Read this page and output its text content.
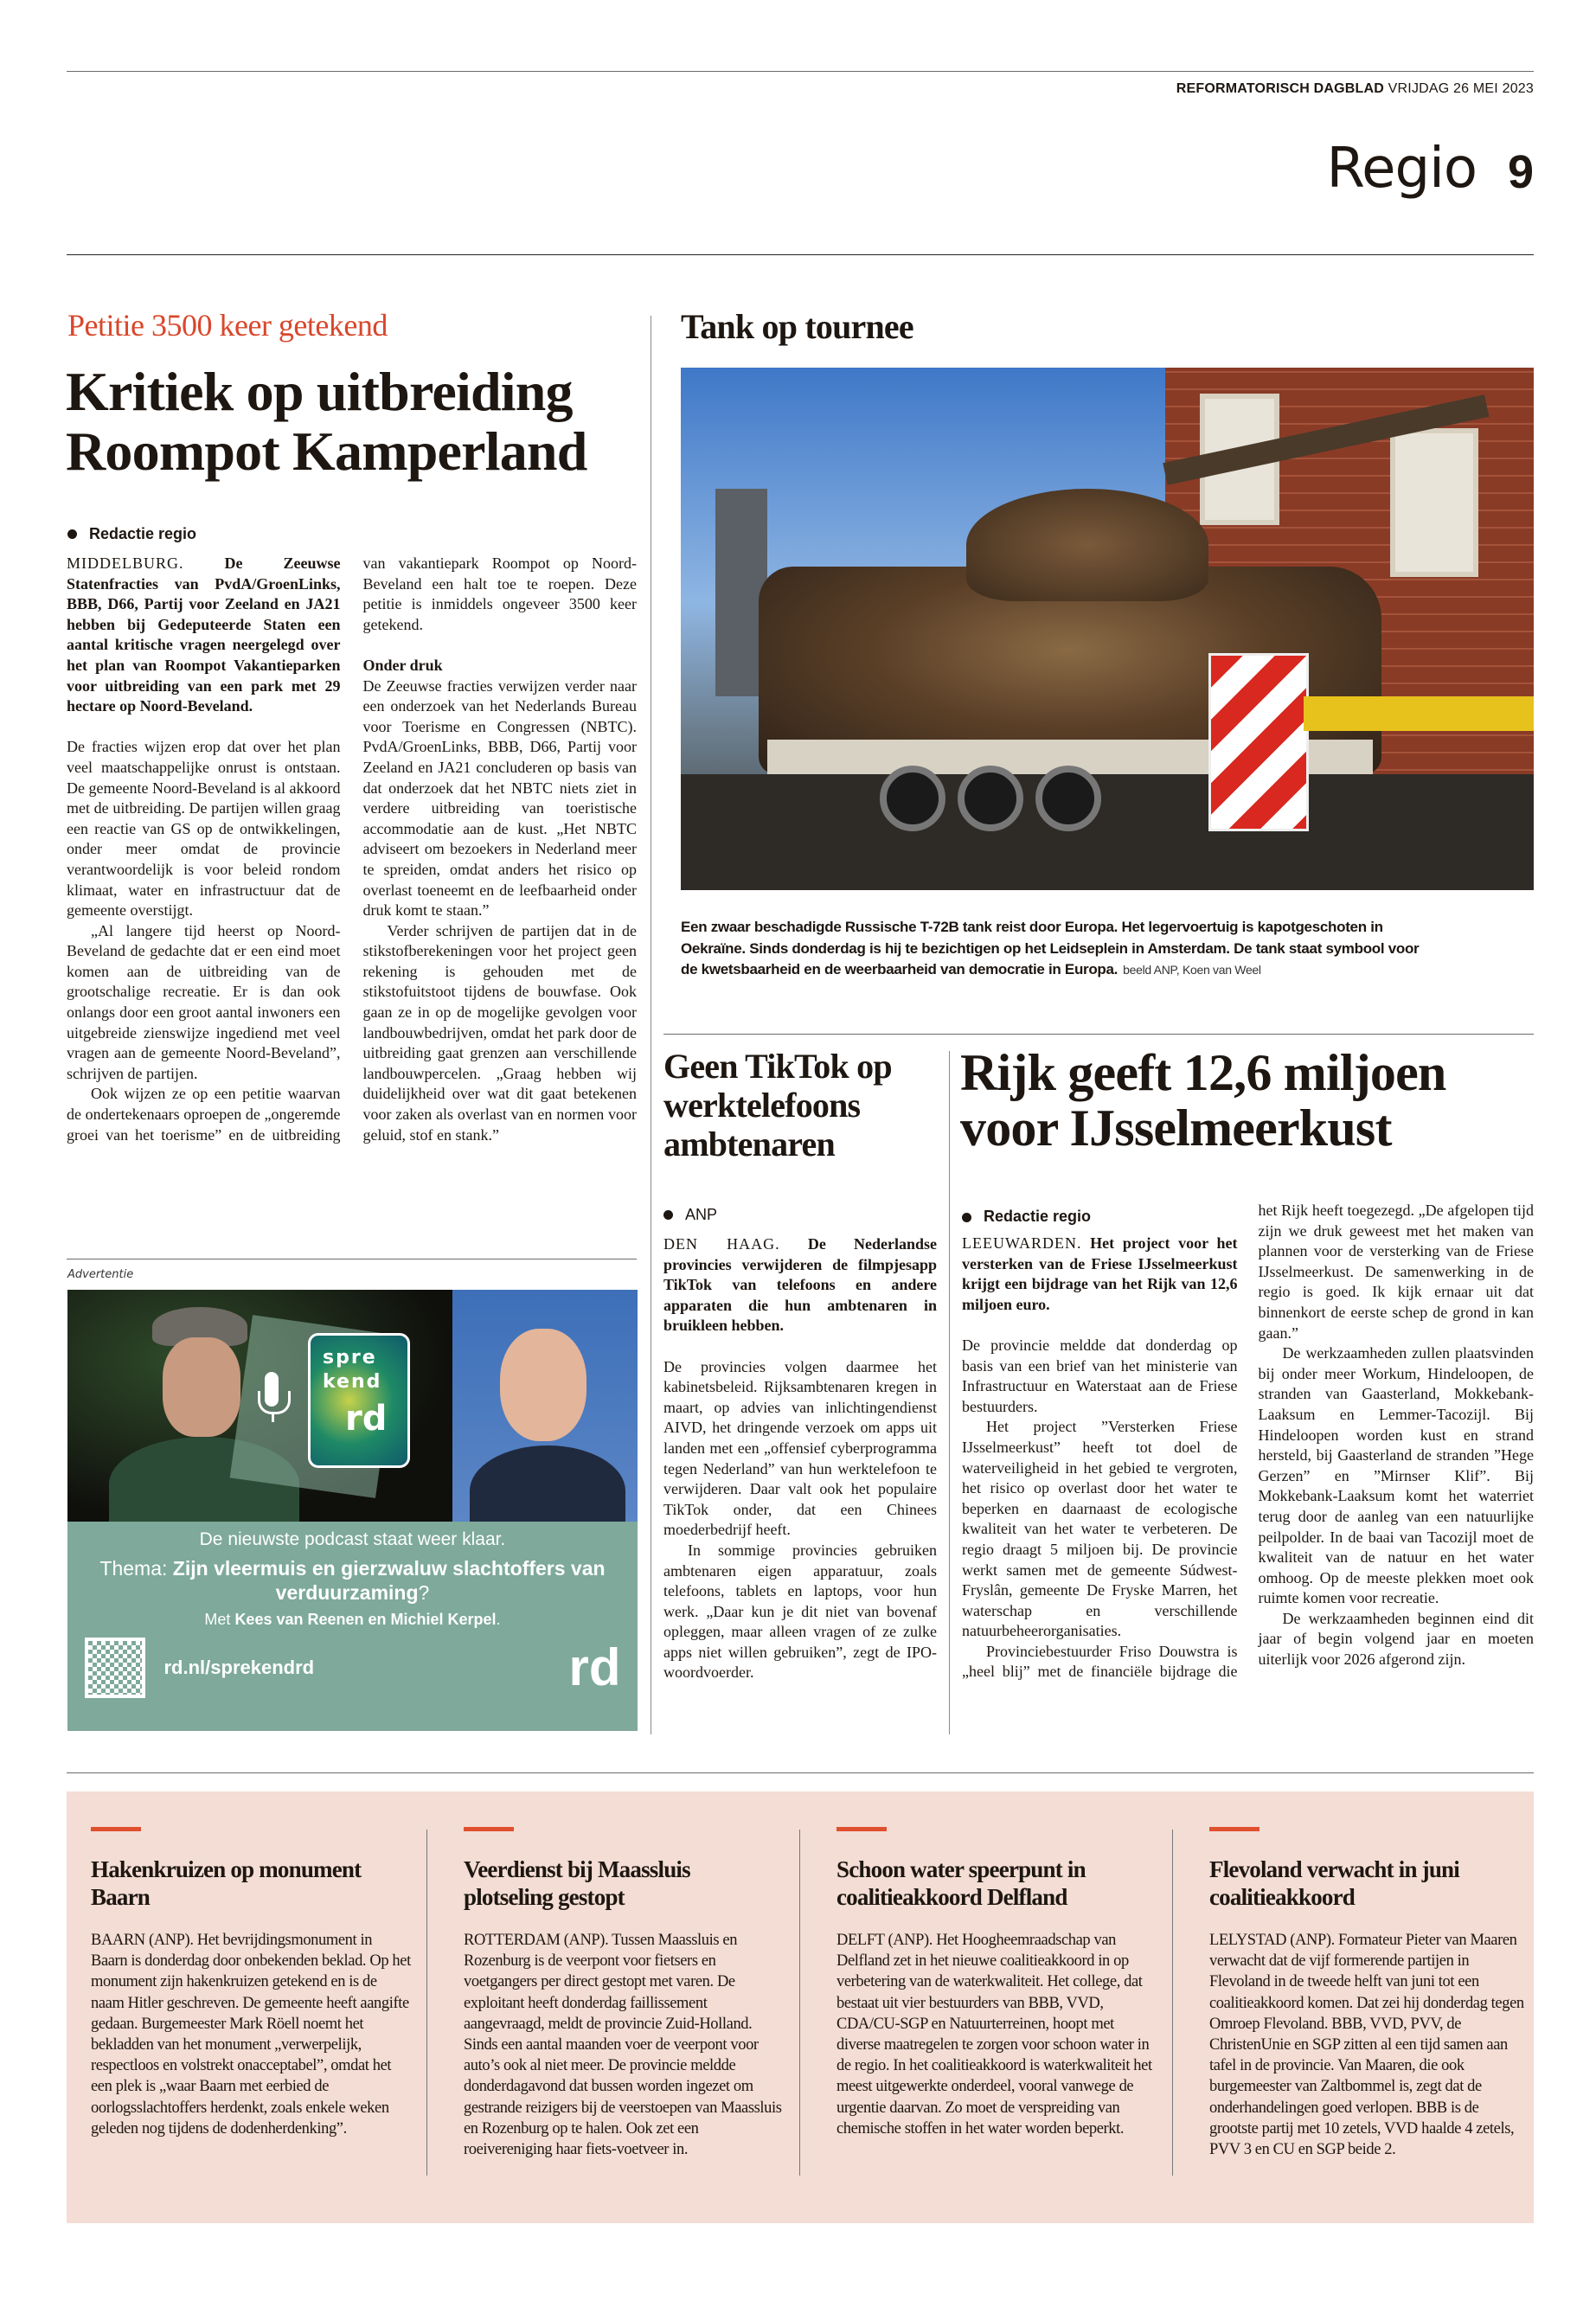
REFORMATORISCH DAGBLAD VRIJDAG 26 MEI 2023
Regio 9
Petitie 3500 keer getekend
Kritiek op uitbreiding
Roompot Kamperland
Redactie regio

MIDDELBURG.	De Zeeuwse Statenfracties van PvdA/GroenLinks, BBB, D66, Partij voor Zeeland en JA21 hebben bij Gedeputeerde Staten een aantal kritische vragen neergelegd over het plan van Roompot Vakantieparken voor uitbreiding van een park met 29 hectare op Noord-Beveland.

De fracties wijzen erop dat over het plan veel maatschappelijke onrust is ontstaan. De gemeente Noord-Beveland is al akkoord met de uitbreiding. De partijen willen graag een reactie van GS op de ontwikkelingen, onder meer omdat de provincie verantwoordelijk is voor beleid rondom klimaat, water en infrastructuur dat de gemeente overstijgt.

„Al langere tijd heerst op Noord-Beveland de gedachte dat er een eind moet komen aan de uitbreiding van de grootschalige recreatie. Er is dan ook onlangs door een groot aantal inwoners een uitgebreide zienswijze ingediend met veel vragen aan de gemeente Noord-Beveland”, schrijven de partijen.

Ook wijzen ze op een petitie waarvan de ondertekenaars oproepen de „ongeremde groei van het toerisme” en de uitbreiding van vakantiepark Roompot op Noord-Beveland een halt toe te roepen. Deze petitie is inmiddels ongeveer 3500 keer getekend.

Onder druk

De Zeeuwse fracties verwijzen verder naar een onderzoek van het Nederlands Bureau voor Toerisme en Congressen (NBTC). PvdA/GroenLinks, BBB, D66, Partij voor Zeeland en JA21 concluderen op basis van dat onderzoek dat het NBTC niets ziet in verdere uitbreiding van toeristische accommodatie aan de kust. „Het NBTC adviseert om bezoekers in Nederland meer te spreiden, omdat anders het risico op overlast toeneemt en de leefbaarheid onder druk komt te staan.”

Verder schrijven de partijen dat in de stikstofberekeningen voor het project geen rekening is gehouden met de stikstofuitstoot tijdens de bouwfase. Ook gaan ze in op de mogelijke gevolgen voor landbouwbedrijven, omdat het park door de uitbreiding gaat grenzen aan verschillende landbouwpercelen. „Graag hebben wij duidelijkheid over wat dit gaat betekenen voor zaken als overlast van en normen voor geluid, stof en stank.”

Tank op tournee
Een zwaar beschadigde Russische T-72B tank reist door Europa. Het legervoertuig is kapotgeschoten in Oekraïne. Sinds donderdag is hij te bezichtigen op het Leidseplein in Amsterdam. De tank staat symbool voor de kwetsbaarheid en de weerbaarheid van democratie in Europa. beeld ANP, Koen van Weel
Geen TikTok op werktelefoons ambtenaren
ANP

DEN HAAG. De Nederlandse provincies verwijderen de filmpjesapp TikTok van telefoons en andere apparaten die hun ambtenaren in bruikleen hebben.

De provincies volgen daarmee het kabinetsbeleid. Rijksambtenaren kregen in maart, op advies van inlichtingendienst AIVD, het dringende verzoek om apps uit landen met een „offensief cyberprogramma tegen Nederland” van hun werktelefoon te verwijderen. Daar valt ook het populaire TikTok onder, dat een Chinees moederbedrijf heeft.

In sommige provincies gebruiken ambtenaren eigen apparatuur, zoals telefoons, tablets en laptops, voor hun werk. „Daar kun je dit niet van bovenaf opleggen, maar alleen vragen of ze zulke apps niet willen gebruiken”, zegt de IPO-woordvoerder.

Rijk geeft 12,6 miljoen
voor IJsselmeerkust
Redactie regio

LEEUWARDEN. Het project voor het versterken van de Friese IJsselmeerkust krijgt een bijdrage van het Rijk van 12,6 miljoen euro.

De provincie meldde dat donderdag op basis van een brief van het ministerie van Infrastructuur en Waterstaat aan de Friese bestuurders.

Het project ”Versterken Friese IJsselmeerkust” heeft tot doel de waterveiligheid in het gebied te vergroten, het risico op overlast door het water te beperken en daarnaast de ecologische kwaliteit van het water te verbeteren. De regio draagt 5 miljoen bij. De provincie werkt samen met de gemeente Súdwest-Fryslân, gemeente De Fryske Marren, het waterschap en verschillende natuurbeheerorganisaties.

Provinciebestuurder Friso Douwstra is „heel blij” met de financiële bijdrage die het Rijk heeft toegezegd. „De afgelopen tijd zijn we druk geweest met het maken van plannen voor de versterking van de Friese IJsselmeerkust. De samenwerking in de regio is goed. Ik kijk ernaar uit dat binnenkort de eerste schep de grond in kan gaan.”

De werkzaamheden zullen plaatsvinden bij onder meer Workum, Hindeloopen, de stranden van Gaasterland, Mokkebank-Laaksum en Lemmer-Tacozijl. Bij Hindeloopen worden kust en strand hersteld, bij Gaasterland de stranden ”Hege Gerzen” en ”Mirnser Klif”. Bij Mokkebank-Laaksum komt het waterriet terug door de aanleg van een natuurlijke peilpolder. In de baai van Tacozijl moet de kwaliteit van de natuur en het water omhoog. Op de meeste plekken moet ook ruimte komen voor recreatie.

De werkzaamheden beginnen eind dit jaar of begin volgend jaar en moeten uiterlijk voor 2026 afgerond zijn.

Advertentie
spre
kend
rd
De nieuwste podcast staat weer klaar.
Thema: Zijn vleermuis en gierzwaluw slachtoffers van verduurzaming?
Met Kees van Reenen en Michiel Kerpel.
rd.nl/sprekendrd	rd
Hakenkruizen op monument Baarn

BAARN (ANP). Het bevrijdingsmonument in Baarn is donderdag door onbekenden beklad. Op het monument zijn hakenkruizen getekend en is de naam Hitler geschreven. De gemeente heeft aangifte gedaan. Burgemeester Mark Röell noemt het bekladden van het monument „verwerpelijk, respectloos en volstrekt onacceptabel”, omdat het een plek is „waar Baarn met eerbied de oorlogsslachtoffers herdenkt, zoals enkele weken geleden nog tijdens de dodenherdenking”.

Veerdienst bij Maassluis plotseling gestopt

ROTTERDAM (ANP). Tussen Maassluis en Rozenburg is de veerpont voor fietsers en voetgangers per direct gestopt met varen. De exploitant heeft donderdag faillissement aangevraagd, meldt de provincie Zuid-Holland. Sinds een aantal maanden voer de veerpont voor auto’s ook al niet meer. De provincie meldde donderdagavond dat bussen worden ingezet om gestrande reizigers bij de veerstoepen van Maassluis en Rozenburg op te halen. Ook zet een roeivereniging haar fiets-voetveer in.

Schoon water speerpunt in coalitieakkoord Delfland

DELFT (ANP). Het Hoogheemraadschap van Delfland zet in het nieuwe coalitieakkoord in op verbetering van de waterkwaliteit. Het college, dat bestaat uit vier bestuurders van BBB, VVD, CDA/CU-SGP en Natuurterreinen, hoopt met diverse maatregelen te zorgen voor schoon water in de regio. In het coalitieakkoord is waterkwaliteit het meest uitgewerkte onderdeel, vooral vanwege de urgentie daarvan. Zo moet de verspreiding van chemische stoffen in het water worden beperkt.

Flevoland verwacht in juni coalitieakkoord

LELYSTAD (ANP). Formateur Pieter van Maaren verwacht dat de vijf formerende partijen in Flevoland in de tweede helft van juni tot een coalitieakkoord komen. Dat zei hij donderdag tegen Omroep Flevoland. BBB, VVD, PVV, de ChristenUnie en SGP zitten al een tijd samen aan tafel in de provincie. Van Maaren, die ook burgemeester van Zaltbommel is, zegt dat de onderhandelingen goed verlopen. BBB is de grootste partij met 10 zetels, VVD haalde 4 zetels, PVV 3 en CU en SGP beide 2.
